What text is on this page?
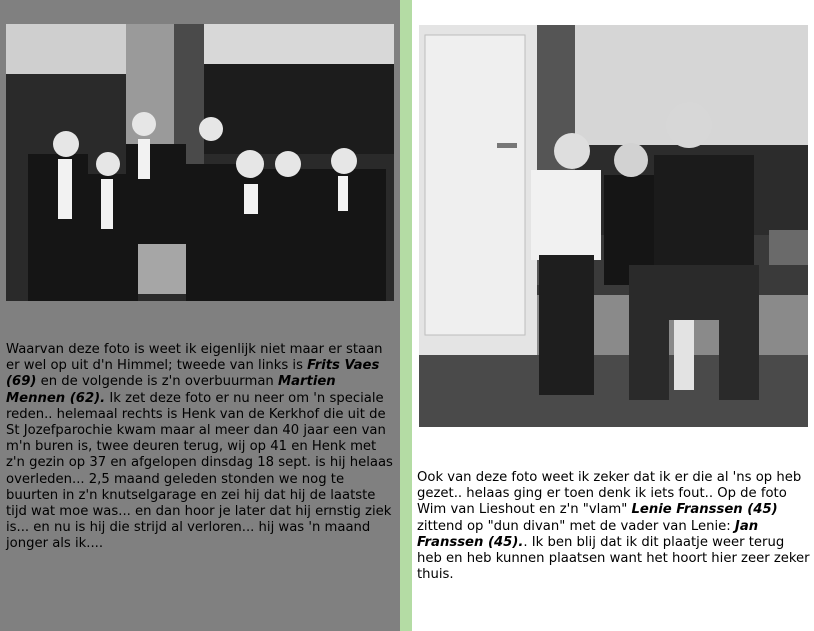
Waarvan deze foto is weet ik eigenlijk niet maar er staan er wel op uit d'n Himmel; tweede van links is Frits Vaes (69) en de volgende is z'n overbuurman Martien Mennen (62). Ik zet deze foto er nu neer om 'n speciale reden.. helemaal rechts is Henk van de Kerkhof die uit de St Jozefparochie kwam maar al meer dan 40 jaar een van m'n buren is, twee deuren terug, wij op 41 en Henk met z'n gezin op 37 en afgelopen dinsdag 18 sept. is hij helaas overleden... 2,5 maand geleden stonden we nog te buurten in z'n knutselgarage en zei hij dat hij de laatste tijd wat moe was... en dan hoor je later dat hij ernstig ziek is... en nu is hij die strijd al verloren... hij was 'n maand jonger als ik....
Ook van deze foto weet ik zeker dat ik er die al 'ns op heb gezet.. helaas ging er toen denk ik iets fout.. Op de foto Wim van Lieshout en z'n "vlam" Lenie Franssen (45) zittend op "dun divan" met de vader van Lenie: Jan Franssen (45).. Ik ben blij dat ik dit plaatje weer terug heb en heb kunnen plaatsen want het hoort hier zeer zeker thuis.
